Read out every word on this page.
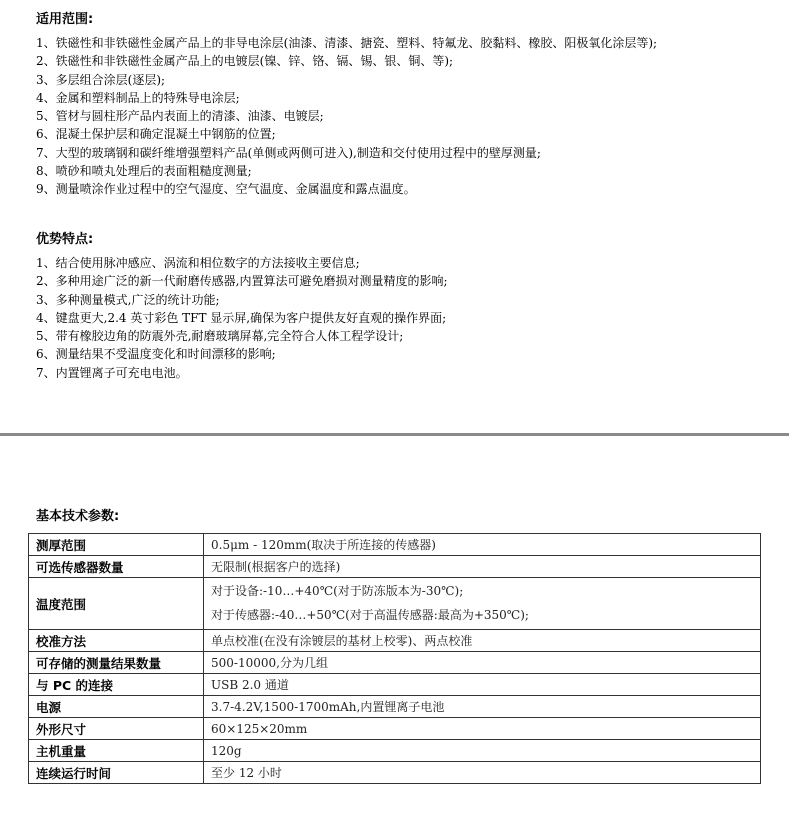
适用范围:
1、铁磁性和非铁磁性金属产品上的非导电涂层(油漆、清漆、搪瓷、塑料、特氟龙、胶黏料、橡胶、阳极氧化涂层等);
2、铁磁性和非铁磁性金属产品上的电镀层(镍、锌、铬、镉、锡、银、铜、等);
3、多层组合涂层(逐层);
4、金属和塑料制品上的特殊导电涂层;
5、管材与圆柱形产品内表面上的清漆、油漆、电镀层;
6、混凝土保护层和确定混凝土中钢筋的位置;
7、大型的玻璃钢和碳纤维增强塑料产品(单侧或两侧可进入),制造和交付使用过程中的壁厚测量;
8、喷砂和喷丸处理后的表面粗糙度测量;
9、测量喷涂作业过程中的空气湿度、空气温度、金属温度和露点温度。
优势特点:
1、结合使用脉冲感应、涡流和相位数字的方法接收主要信息;
2、多种用途广泛的新一代耐磨传感器,内置算法可避免磨损对测量精度的影响;
3、多种测量模式,广泛的统计功能;
4、键盘更大,2.4 英寸彩色 TFT 显示屏,确保为客户提供友好直观的操作界面;
5、带有橡胶边角的防震外壳,耐磨玻璃屏幕,完全符合人体工程学设计;
6、测量结果不受温度变化和时间漂移的影响;
7、内置锂离子可充电电池。
基本技术参数:
测厚范围	0.5μm - 120mm(取决于所连接的传感器)
可选传感器数量	无限制(根据客户的选择)
温度范围	对于设备:-10…+40℃(对于防冻版本为-30℃);
对于传感器:-40…+50℃(对于高温传感器:最高为+350℃);

校准方法	单点校准(在没有涂镀层的基材上校零)、两点校准
可存储的测量结果数量	500-10000,分为几组
与 PC 的连接	USB 2.0 通道
电源	3.7-4.2V,1500-1700mAh,内置锂离子电池
外形尺寸	60×125×20mm
主机重量	120g
连续运行时间	至少 12 小时
